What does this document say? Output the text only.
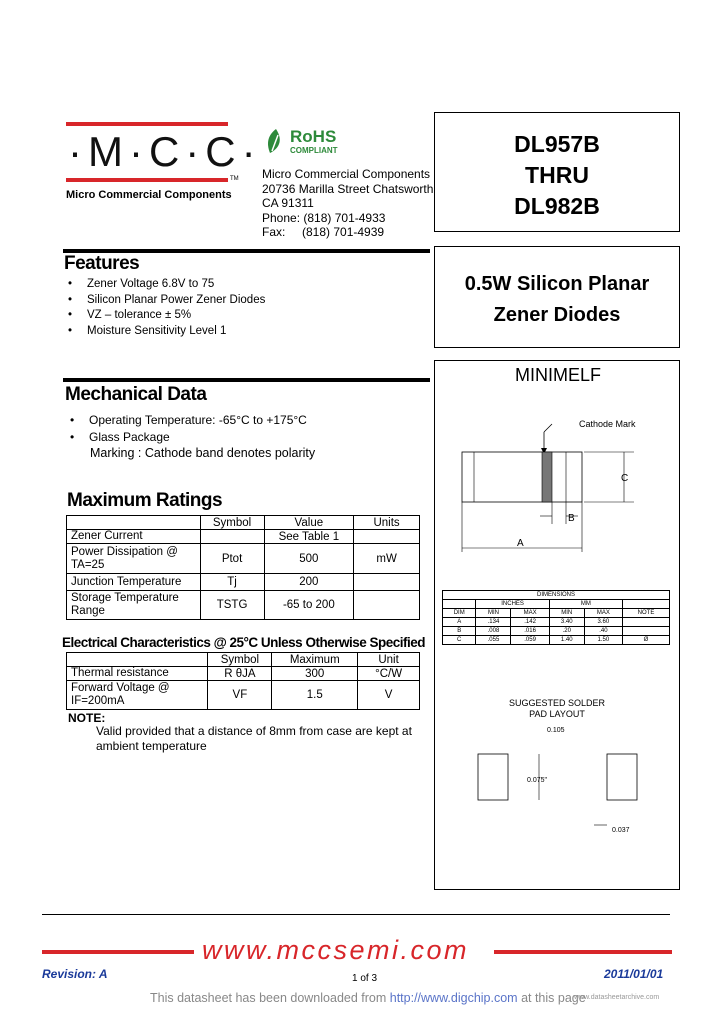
·M·C·C·
TM
Micro Commercial Components
RoHS
COMPLIANT
Micro Commercial Components
20736 Marilla Street Chatsworth
CA 91311
Phone: (818) 701-4933
Fax:	(818) 701-4939
DL957B
THRU
DL982B
0.5W Silicon Planar
Zener Diodes
Features
• Zener Voltage 6.8V to 75
• Silicon Planar Power Zener Diodes
• VZ – tolerance ± 5%
• Moisture Sensitivity Level 1
Mechanical Data
• Operating Temperature: -65°C to +175°C
• Glass Package
Marking : Cathode band denotes polarity
Maximum Ratings
	Symbol	Value	Units
Zener Current		See Table 1	
Power Dissipation @ TA=25	Ptot	500	mW
Junction Temperature	Tj	200	
Storage Temperature Range	TSTG	-65 to 200	
Electrical Characteristics @ 25°C Unless Otherwise Specified
	Symbol	Maximum	Unit
Thermal resistance	R θJA	300	°C/W
Forward Voltage @ IF=200mA	VF	1.5	V
NOTE:
Valid provided that a distance of 8mm from case are kept at ambient temperature
MINIMELF
Cathode Mark
C
B
A
DIMENSIONS					
	INCHES		MM		
DIM	MIN	MAX	MIN	MAX	NOTE
A	.134	.142	3.40	3.60	
B	.008	.016	.20	.40	
C	.055	.059	1.40	1.50	Ø
SUGGESTED SOLDER
PAD LAYOUT
0.105
0.075"
0.037
www.mccsemi.com
Revision: A	1 of 3	2011/01/01
This datasheet has been downloaded from http://www.digchip.com at this page
www.datasheetarchive.com
